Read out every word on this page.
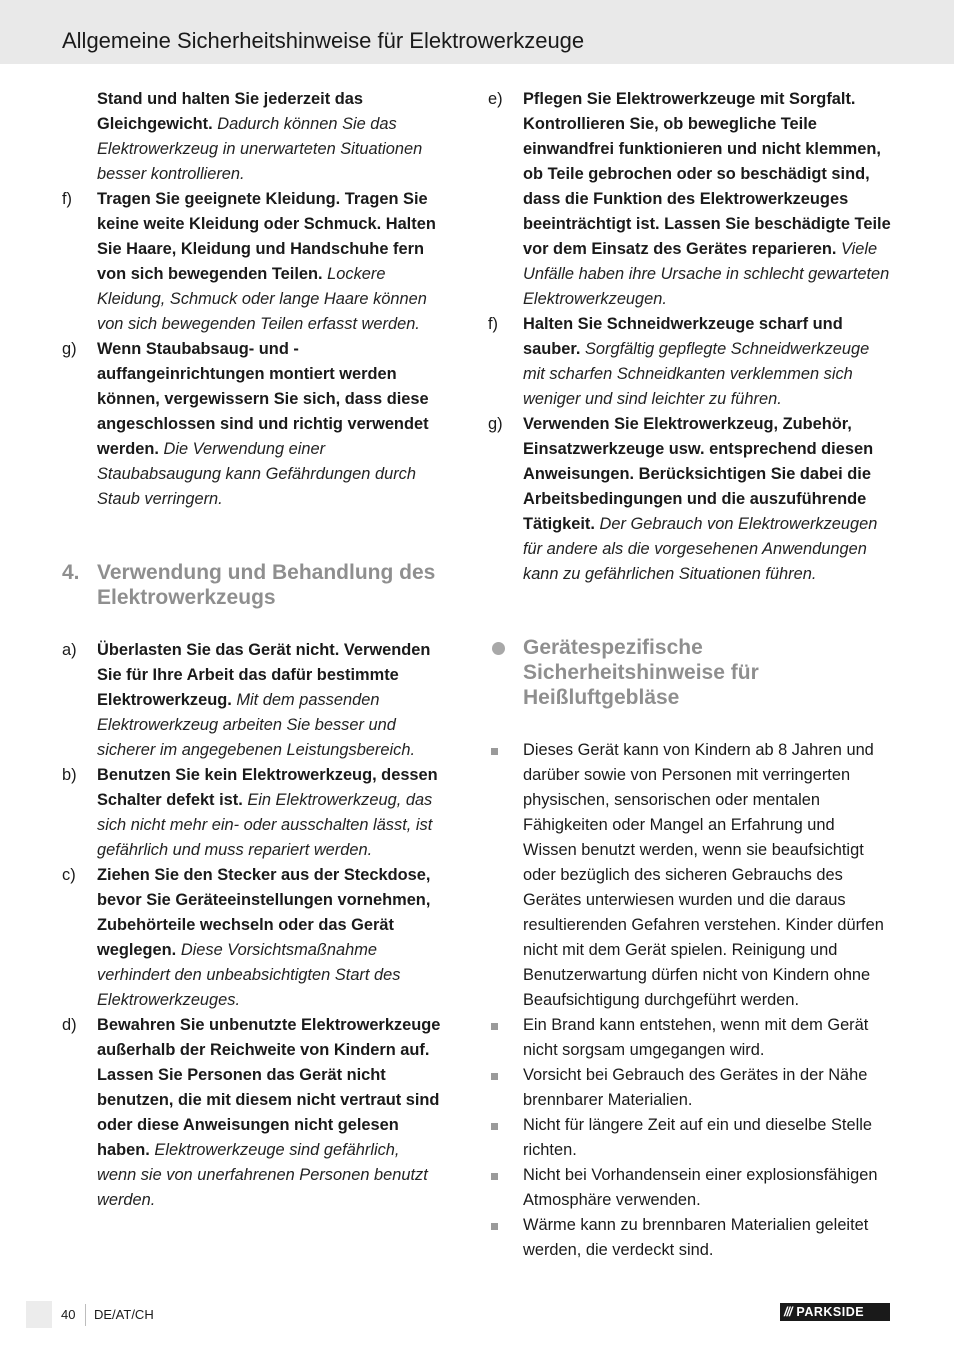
Allgemeine Sicherheitshinweise für Elektrowerkzeuge
Stand und halten Sie jederzeit das Gleichgewicht. Dadurch können Sie das Elektrowerkzeug in unerwarteten Situationen besser kontrollieren.
f) Tragen Sie geeignete Kleidung. Tragen Sie keine weite Kleidung oder Schmuck. Halten Sie Haare, Kleidung und Handschuhe fern von sich bewegenden Teilen. Lockere Kleidung, Schmuck oder lange Haare können von sich bewegenden Teilen erfasst werden.
g) Wenn Staubabsaug- und -auffangeinrichtungen montiert werden können, vergewissern Sie sich, dass diese angeschlossen sind und richtig verwendet werden. Die Verwendung einer Staubabsaugung kann Gefährdungen durch Staub verringern.
4. Verwendung und Behandlung des Elektrowerkzeugs
a) Überlasten Sie das Gerät nicht. Verwenden Sie für Ihre Arbeit das dafür bestimmte Elektrowerkzeug. Mit dem passenden Elektrowerkzeug arbeiten Sie besser und sicherer im angegebenen Leistungsbereich.
b) Benutzen Sie kein Elektrowerkzeug, dessen Schalter defekt ist. Ein Elektrowerkzeug, das sich nicht mehr ein- oder ausschalten lässt, ist gefährlich und muss repariert werden.
c) Ziehen Sie den Stecker aus der Steckdose, bevor Sie Geräteeinstellungen vornehmen, Zubehörteile wechseln oder das Gerät weglegen. Diese Vorsichtsmaßnahme verhindert den unbeabsichtigten Start des Elektrowerkzeuges.
d) Bewahren Sie unbenutzte Elektrowerkzeuge außerhalb der Reichweite von Kindern auf. Lassen Sie Personen das Gerät nicht benutzen, die mit diesem nicht vertraut sind oder diese Anweisungen nicht gelesen haben. Elektrowerkzeuge sind gefährlich, wenn sie von unerfahrenen Personen benutzt werden.
e) Pflegen Sie Elektrowerkzeuge mit Sorgfalt. Kontrollieren Sie, ob bewegliche Teile einwandfrei funktionieren und nicht klemmen, ob Teile gebrochen oder so beschädigt sind, dass die Funktion des Elektrowerkzeuges beeinträchtigt ist. Lassen Sie beschädigte Teile vor dem Einsatz des Gerätes reparieren. Viele Unfälle haben ihre Ursache in schlecht gewarteten Elektrowerkzeugen.
f) Halten Sie Schneidwerkzeuge scharf und sauber. Sorgfältig gepflegte Schneidwerkzeuge mit scharfen Schneidkanten verklemmen sich weniger und sind leichter zu führen.
g) Verwenden Sie Elektrowerkzeug, Zubehör, Einsatzwerkzeuge usw. entsprechend diesen Anweisungen. Berücksichtigen Sie dabei die Arbeitsbedingungen und die auszuführende Tätigkeit. Der Gebrauch von Elektrowerkzeugen für andere als die vorgesehenen Anwendungen kann zu gefährlichen Situationen führen.
Gerätespezifische Sicherheitshinweise für Heißluftgebläse
Dieses Gerät kann von Kindern ab 8 Jahren und darüber sowie von Personen mit verringerten physischen, sensorischen oder mentalen Fähigkeiten oder Mangel an Erfahrung und Wissen benutzt werden, wenn sie beaufsichtigt oder bezüglich des sicheren Gebrauchs des Gerätes unterwiesen wurden und die daraus resultierenden Gefahren verstehen. Kinder dürfen nicht mit dem Gerät spielen. Reinigung und Benutzerwartung dürfen nicht von Kindern ohne Beaufsichtigung durchgeführt werden.
Ein Brand kann entstehen, wenn mit dem Gerät nicht sorgsam umgegangen wird.
Vorsicht bei Gebrauch des Gerätes in der Nähe brennbarer Materialien.
Nicht für längere Zeit auf ein und dieselbe Stelle richten.
Nicht bei Vorhandensein einer explosionsfähigen Atmosphäre verwenden.
Wärme kann zu brennbaren Materialien geleitet werden, die verdeckt sind.
40 DE/AT/CH	/// PARKSIDE
